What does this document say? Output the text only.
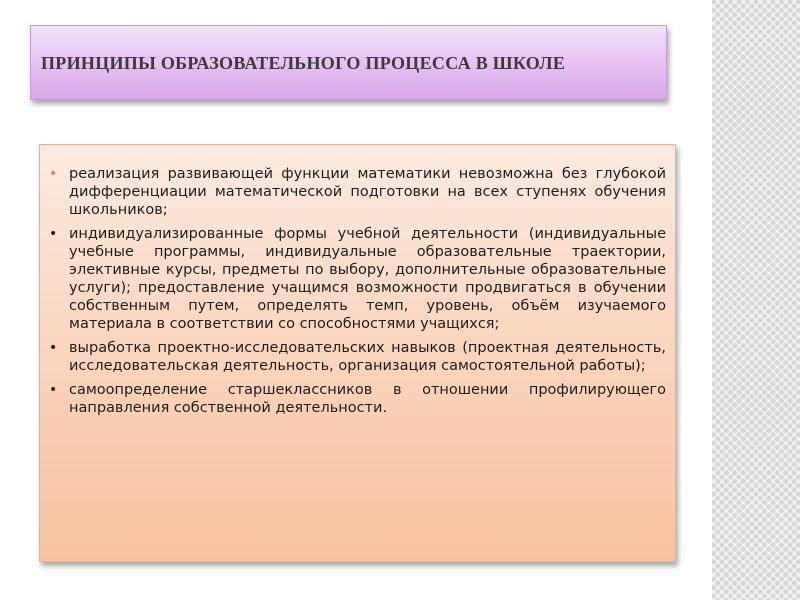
ПРИНЦИПЫ ОБРАЗОВАТЕЛЬНОГО ПРОЦЕССА В ШКОЛЕ
• реализация развивающей функции математики невозможна без глубокой дифференциации математической подготовки на всех ступенях обучения школьников;
• индивидуализированные формы учебной деятельности (индивидуальные учебные программы, индивидуальные образовательные траектории, элективные курсы, предметы по выбору, дополнительные образовательные услуги); предоставление учащимся возможности продвигаться в обучении собственным путем, определять темп, уровень, объём изучаемого материала в соответствии со способностями учащихся;
• выработка проектно-исследовательских навыков (проектная деятельность, исследовательская деятельность, организация самостоятельной работы);
• самоопределение старшеклассников в отношении профилирующего направления собственной деятельности.
